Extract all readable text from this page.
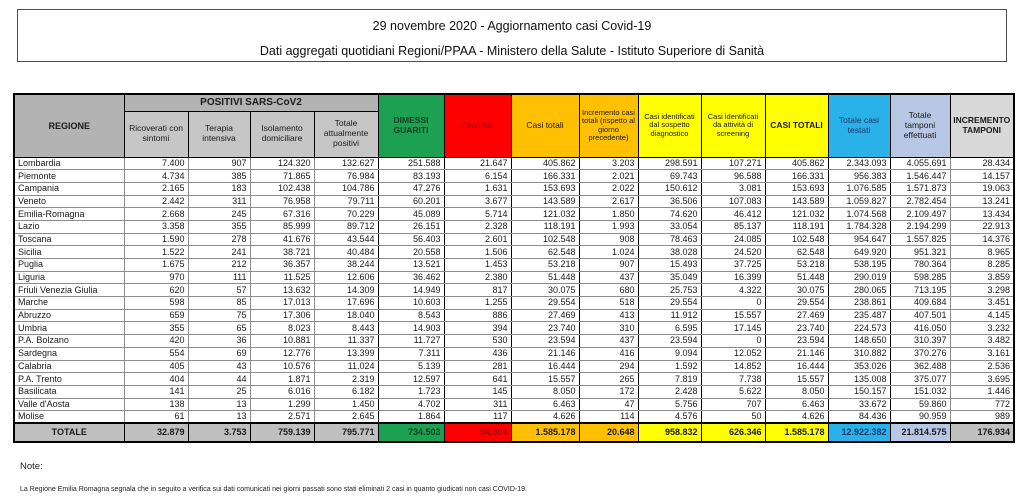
29 novembre 2020 - Aggiornamento casi Covid-19
Dati aggregati quotidiani Regioni/PPAA - Ministero della Salute - Istituto Superiore di Sanità
REGIONE	POSITIVI SARS-CoV2				DIMESSI GUARITI	Deceduti	Casi totali	Incremento casi totali (rispetto al giorno precedente)	Casi identificati dal sospetto diagnostico	Casi identificati da attività di screening	CASI TOTALI	Totale casi testati	Totale tamponi effettuati	INCREMENTO TAMPONI
	Ricoverati con sintomi	Terapia intensiva	Isolamento domiciliare	Totale attualmente positivi										
Lombardia	7.400	907	124.320	132.627	251.588	21.647	405.862	3.203	298.591	107.271	405.862	2.343.093	4.055.691	28.434
Piemonte	4.734	385	71.865	76.984	83.193	6.154	166.331	2.021	69.743	96.588	166.331	956.383	1.546.447	14.157
Campania	2.165	183	102.438	104.786	47.276	1.631	153.693	2.022	150.612	3.081	153.693	1.076.585	1.571.873	19.063
Veneto	2.442	311	76.958	79.711	60.201	3.677	143.589	2.617	36.506	107.083	143.589	1.059.827	2.782.454	13.241
Emilia-Romagna	2.668	245	67.316	70.229	45.089	5.714	121.032	1.850	74.620	46.412	121.032	1.074.568	2.109.497	13.434
Lazio	3.358	355	85.999	89.712	26.151	2.328	118.191	1.993	33.054	85.137	118.191	1.784.328	2.194.299	22.913
Toscana	1.590	278	41.676	43.544	56.403	2.601	102.548	908	78.463	24.085	102.548	954.647	1.557.825	14.376
Sicilia	1.522	241	38.721	40.484	20.558	1.506	62.548	1.024	38.028	24.520	62.548	649.920	951.321	8.965
Puglia	1.675	212	36.357	38.244	13.521	1.453	53.218	907	15.493	37.725	53.218	538.195	780.364	8.285
Liguria	970	111	11.525	12.606	36.462	2.380	51.448	437	35.049	16.399	51.448	290.019	598.285	3.859
Friuli Venezia Giulia	620	57	13.632	14.309	14.949	817	30.075	680	25.753	4.322	30.075	280.065	713.195	3.298
Marche	598	85	17.013	17.696	10.603	1.255	29.554	518	29.554	0	29.554	238.861	409.684	3.451
Abruzzo	659	75	17.306	18.040	8.543	886	27.469	413	11.912	15.557	27.469	235.487	407.501	4.145
Umbria	355	65	8.023	8.443	14.903	394	23.740	310	6.595	17.145	23.740	224.573	416.050	3.232
P.A. Bolzano	420	36	10.881	11.337	11.727	530	23.594	437	23.594	0	23.594	148.650	310.397	3.482
Sardegna	554	69	12.776	13.399	7.311	436	21.146	416	9.094	12.052	21.146	310.882	370.276	3.161
Calabria	405	43	10.576	11.024	5.139	281	16.444	294	1.592	14.852	16.444	353.026	362.488	2.536
P.A. Trento	404	44	1.871	2.319	12.597	641	15.557	265	7.819	7.738	15.557	135.008	375.077	3.695
Basilicata	141	25	6.016	6.182	1.723	145	8.050	172	2.428	5.622	8.050	150.157	151.032	1.446
Valle d'Aosta	138	13	1.299	1.450	4.702	311	6.463	47	5.756	707	6.463	33.672	59.860	772
Molise	61	13	2.571	2.645	1.864	117	4.626	114	4.576	50	4.626	84.436	90.959	989
TOTALE	32.879	3.753	759.139	795.771	734.503	54.904	1.585.178	20.648	958.832	626.346	1.585.178	12.922.382	21.814.575	176.934
Note:
La Regione Emilia Romagna segnala che in seguito a verifica sui dati comunicati nei giorni passati sono stati eliminati 2 casi in quanto giudicati non casi COVID-19.
